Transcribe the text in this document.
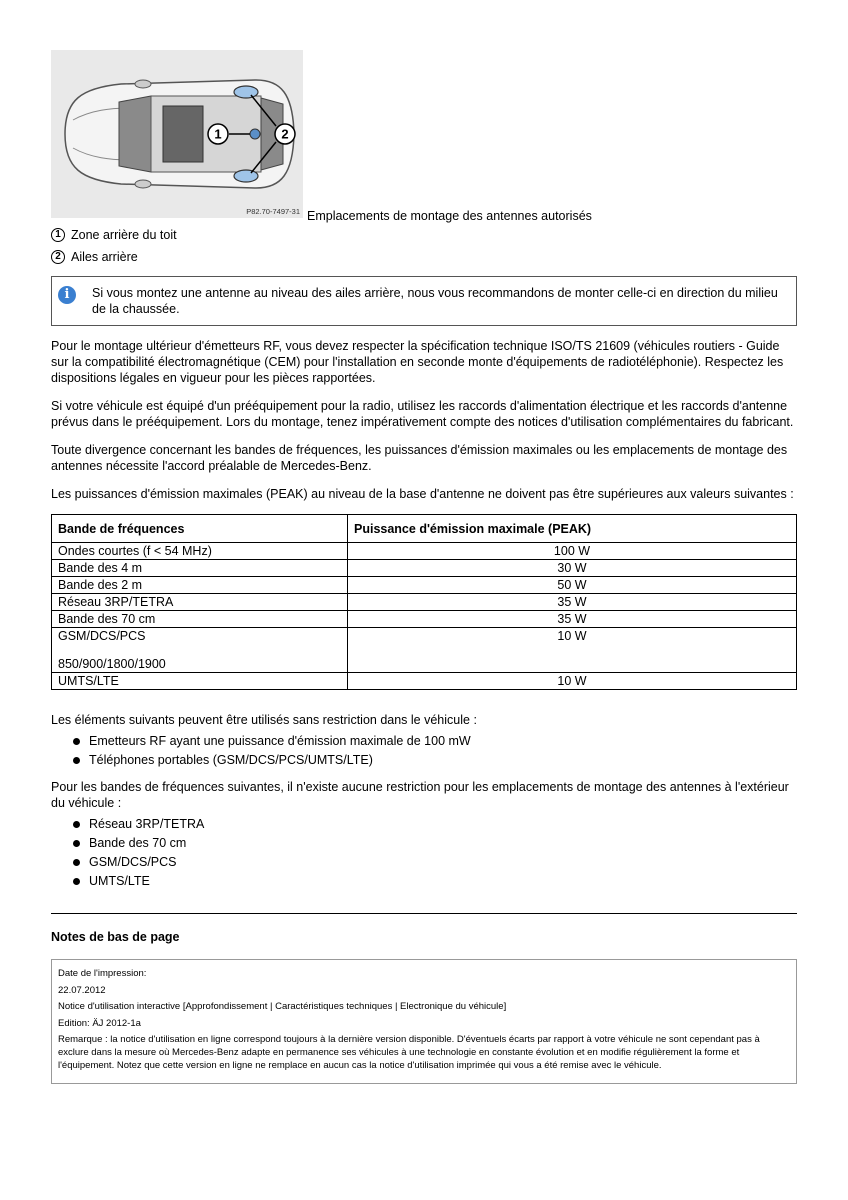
1	2
P82.70-7497-31 Emplacements de montage des antennes autorisés
1 Zone arrière du toit
2 Ailes arrière
i	Si vous montez une antenne au niveau des ailes arrière, nous vous recommandons de monter celle-ci en direction du milieu de la chaussée.

Pour le montage ultérieur d'émetteurs RF, vous devez respecter la spécification technique ISO/TS 21609 (véhicules routiers - Guide sur la compatibilité électromagnétique (CEM) pour l'installation en seconde monte d'équipements de radiotéléphonie). Respectez les dispositions légales en vigueur pour les pièces rapportées.

Si votre véhicule est équipé d'un prééquipement pour la radio, utilisez les raccords d'alimentation électrique et les raccords d'antenne prévus dans le prééquipement. Lors du montage, tenez impérativement compte des notices d'utilisation complémentaires du fabricant.

Toute divergence concernant les bandes de fréquences, les puissances d'émission maximales ou les emplacements de montage des antennes nécessite l'accord préalable de Mercedes-Benz.

Les puissances d'émission maximales (PEAK) au niveau de la base d'antenne ne doivent pas être supérieures aux valeurs suivantes :

Bande de fréquences	Puissance d'émission maximale (PEAK)
Ondes courtes (f < 54 MHz)	100 W
Bande des 4 m	30 W
Bande des 2 m	50 W
Réseau 3RP/TETRA	35 W
Bande des 70 cm	35 W
GSM/DCS/PCS
850/900/1800/1900	10 W
UMTS/LTE	10 W

Les éléments suivants peuvent être utilisés sans restriction dans le véhicule :

Emetteurs RF ayant une puissance d'émission maximale de 100 mW
Téléphones portables (GSM/DCS/PCS/UMTS/LTE)

Pour les bandes de fréquences suivantes, il n'existe aucune restriction pour les emplacements de montage des antennes à l'extérieur du véhicule :

Réseau 3RP/TETRA
Bande des 70 cm
GSM/DCS/PCS
UMTS/LTE
Notes de bas de page
Date de l'impression:
22.07.2012
Notice d'utilisation interactive [Approfondissement | Caractéristiques techniques | Electronique du véhicule]
Edition: ÄJ 2012-1a
Remarque : la notice d'utilisation en ligne correspond toujours à la dernière version disponible. D'éventuels écarts par rapport à votre véhicule ne sont cependant pas à exclure dans la mesure où Mercedes-Benz adapte en permanence ses véhicules à une technologie en constante évolution et en modifie régulièrement la forme et l'équipement. Notez que cette version en ligne ne remplace en aucun cas la notice d'utilisation imprimée qui vous a été remise avec le véhicule.
